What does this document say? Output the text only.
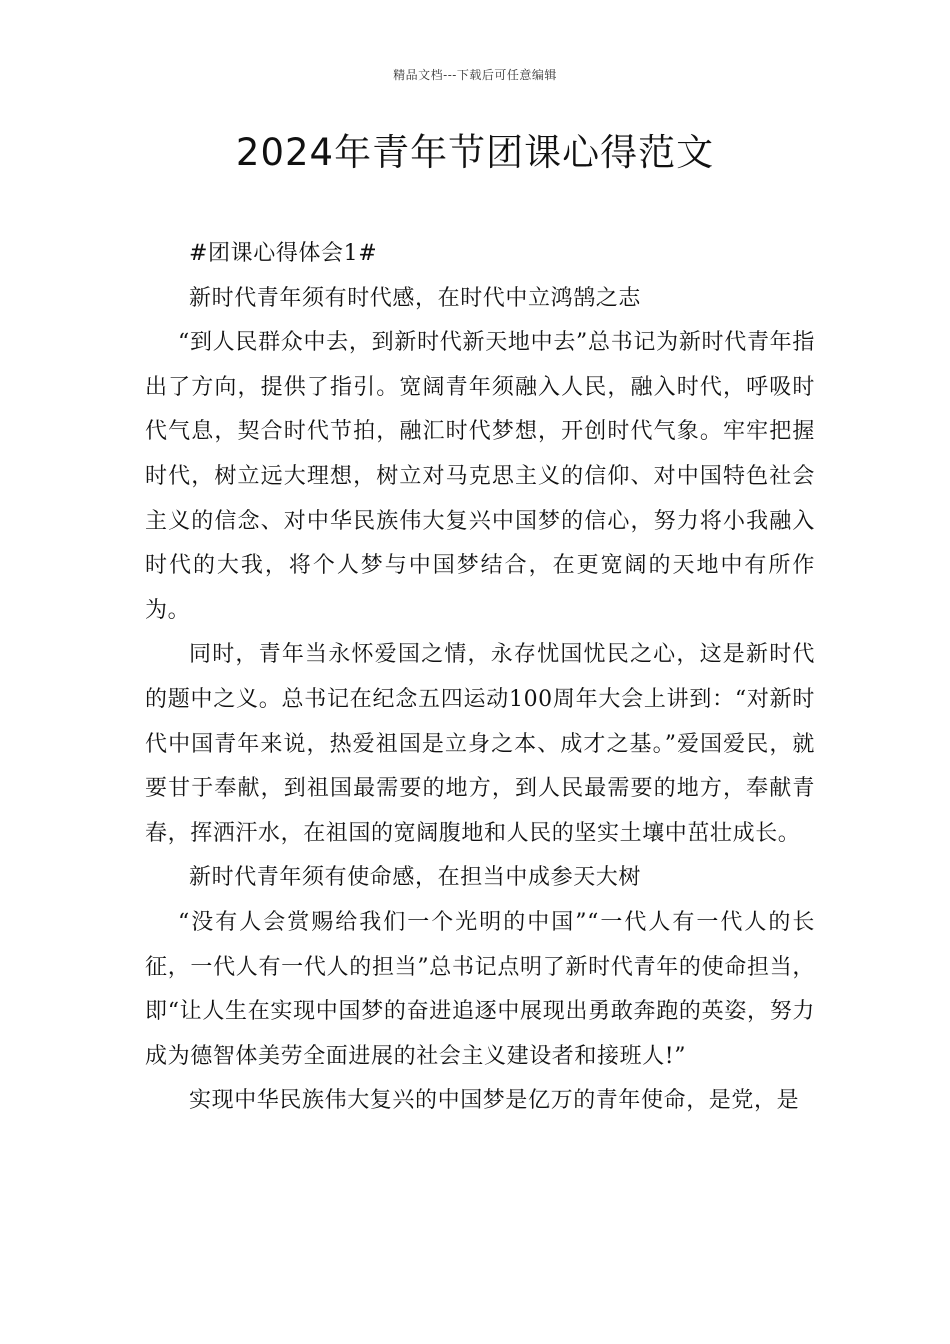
精品文档---下载后可任意编辑
2024年青年节团课心得范文

#团课心得体会1#

新时代青年须有时代感，在时代中立鸿鹄之志

“到人民群众中去，到新时代新天地中去”总书记为新时代青年指出了方向，提供了指引。宽阔青年须融入人民，融入时代，呼吸时代气息，契合时代节拍，融汇时代梦想，开创时代气象。牢牢把握时代，树立远大理想，树立对马克思主义的信仰、对中国特色社会主义的信念、对中华民族伟大复兴中国梦的信心，努力将小我融入时代的大我，将个人梦与中国梦结合，在更宽阔的天地中有所作为。

同时，青年当永怀爱国之情，永存忧国忧民之心，这是新时代的题中之义。总书记在纪念五四运动100周年大会上讲到：“对新时代中国青年来说，热爱祖国是立身之本、成才之基。”爱国爱民，就要甘于奉献，到祖国最需要的地方，到人民最需要的地方，奉献青春，挥洒汗水，在祖国的宽阔腹地和人民的坚实土壤中茁壮成长。

新时代青年须有使命感，在担当中成参天大树

“没有人会赏赐给我们一个光明的中国”“一代人有一代人的长征，一代人有一代人的担当”总书记点明了新时代青年的使命担当，即“让人生在实现中国梦的奋进追逐中展现出勇敢奔跑的英姿，努力成为德智体美劳全面进展的社会主义建设者和接班人!”

实现中华民族伟大复兴的中国梦是亿万的青年使命，是党，是
